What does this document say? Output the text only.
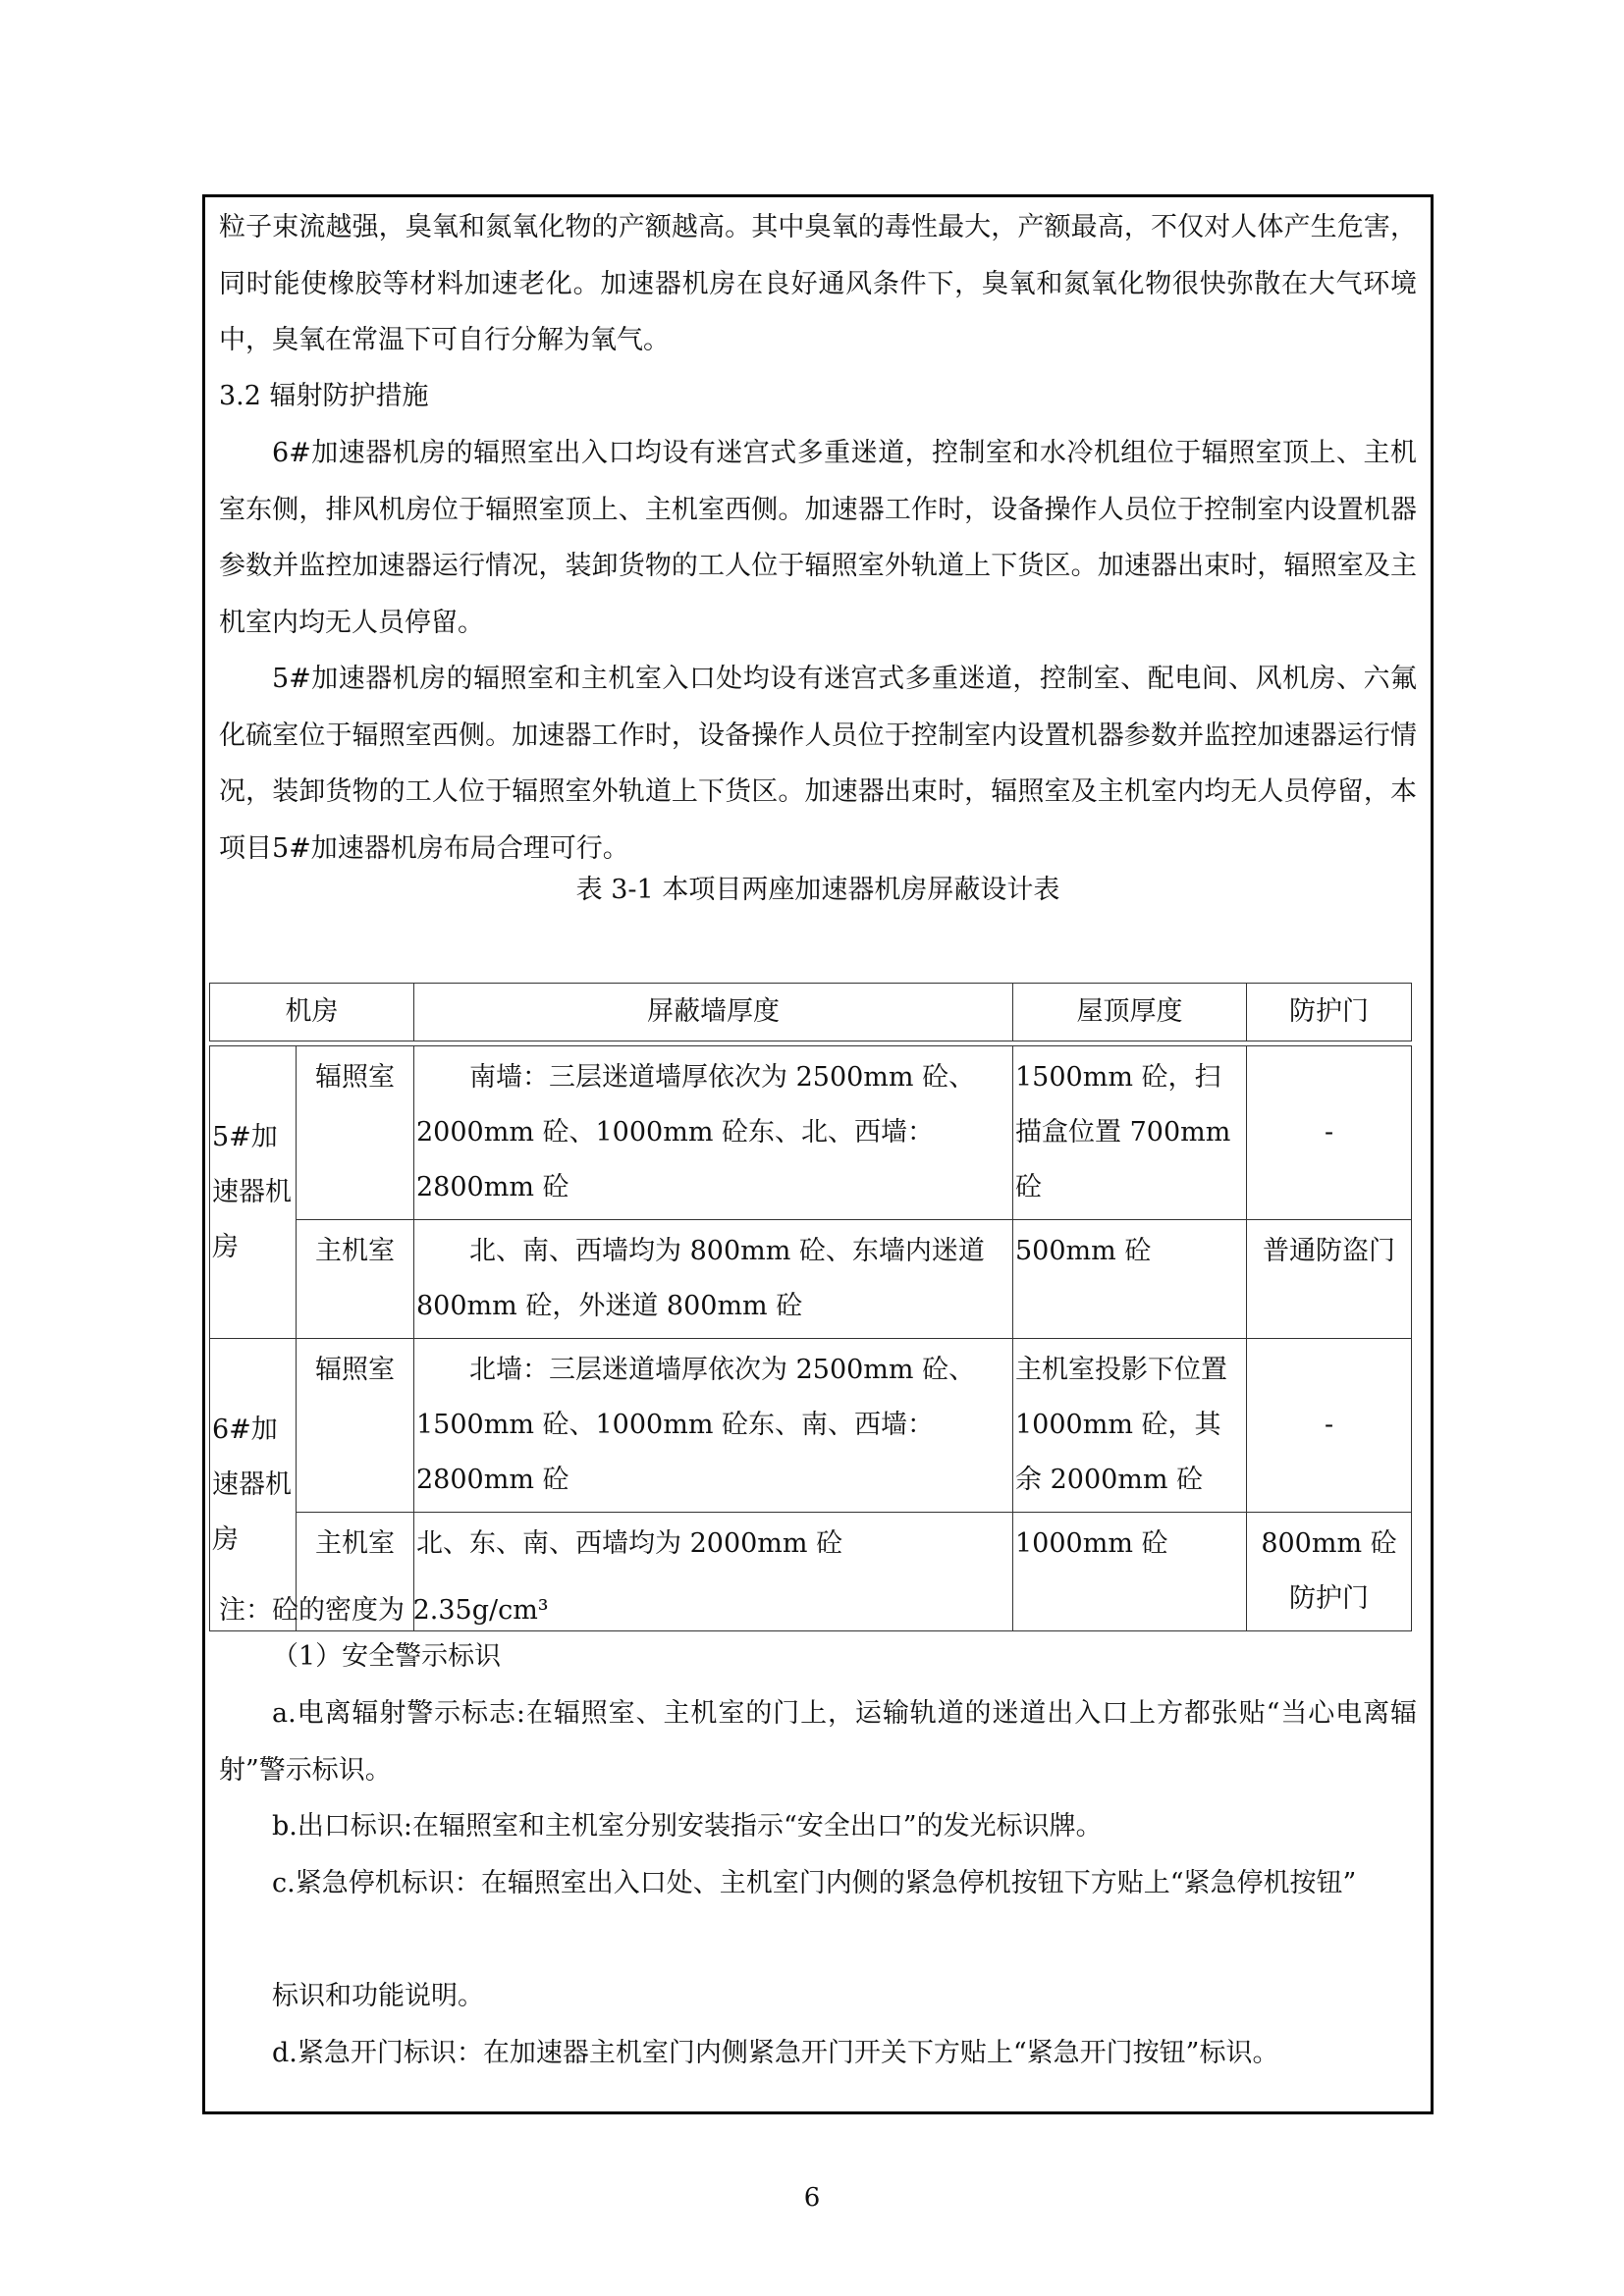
粒子束流越强，臭氧和氮氧化物的产额越高。其中臭氧的毒性最大，产额最高，不仅对人体产生危害，同时能使橡胶等材料加速老化。加速器机房在良好通风条件下，臭氧和氮氧化物很快弥散在大气环境中，臭氧在常温下可自行分解为氧气。

3.2 辐射防护措施

6#加速器机房的辐照室出入口均设有迷宫式多重迷道，控制室和水冷机组位于辐照室顶上、主机室东侧，排风机房位于辐照室顶上、主机室西侧。加速器工作时，设备操作人员位于控制室内设置机器参数并监控加速器运行情况，装卸货物的工人位于辐照室外轨道上下货区。加速器出束时，辐照室及主机室内均无人员停留。

5#加速器机房的辐照室和主机室入口处均设有迷宫式多重迷道，控制室、配电间、风机房、六氟化硫室位于辐照室西侧。加速器工作时，设备操作人员位于控制室内设置机器参数并监控加速器运行情况，装卸货物的工人位于辐照室外轨道上下货区。加速器出束时，辐照室及主机室内均无人员停留，本项目5#加速器机房布局合理可行。

表 3-1 本项目两座加速器机房屏蔽设计表
机房		屏蔽墙厚度	屋顶厚度	防护门

5#加速器机房	辐照室	南墙：三层迷道墙厚依次为 2500mm 砼、2000mm 砼、1000mm 砼东、北、西墙：2800mm 砼	1500mm 砼，扫描盒位置 700mm 砼	-
	主机室	北、南、西墙均为 800mm 砼、东墙内迷道 800mm 砼，外迷道 800mm 砼	500mm 砼	普通防盗门
6#加速器机房	辐照室	北墙：三层迷道墙厚依次为 2500mm 砼、1500mm 砼、1000mm 砼东、南、西墙：2800mm 砼	主机室投影下位置 1000mm 砼，其余 2000mm 砼	-
	主机室	北、东、南、西墙均为 2000mm 砼	1000mm 砼	800mm 砼防护门
注：砼的密度为 2.35g/cm³

（1）安全警示标识

a.电离辐射警示标志:在辐照室、主机室的门上，运输轨道的迷道出入口上方都张贴“当心电离辐射”警示标识。

b.出口标识:在辐照室和主机室分别安装指示“安全出口”的发光标识牌。

c.紧急停机标识：在辐照室出入口处、主机室门内侧的紧急停机按钮下方贴上“紧急停机按钮”

标识和功能说明。

d.紧急开门标识：在加速器主机室门内侧紧急开门开关下方贴上“紧急开门按钮”标识。

6
